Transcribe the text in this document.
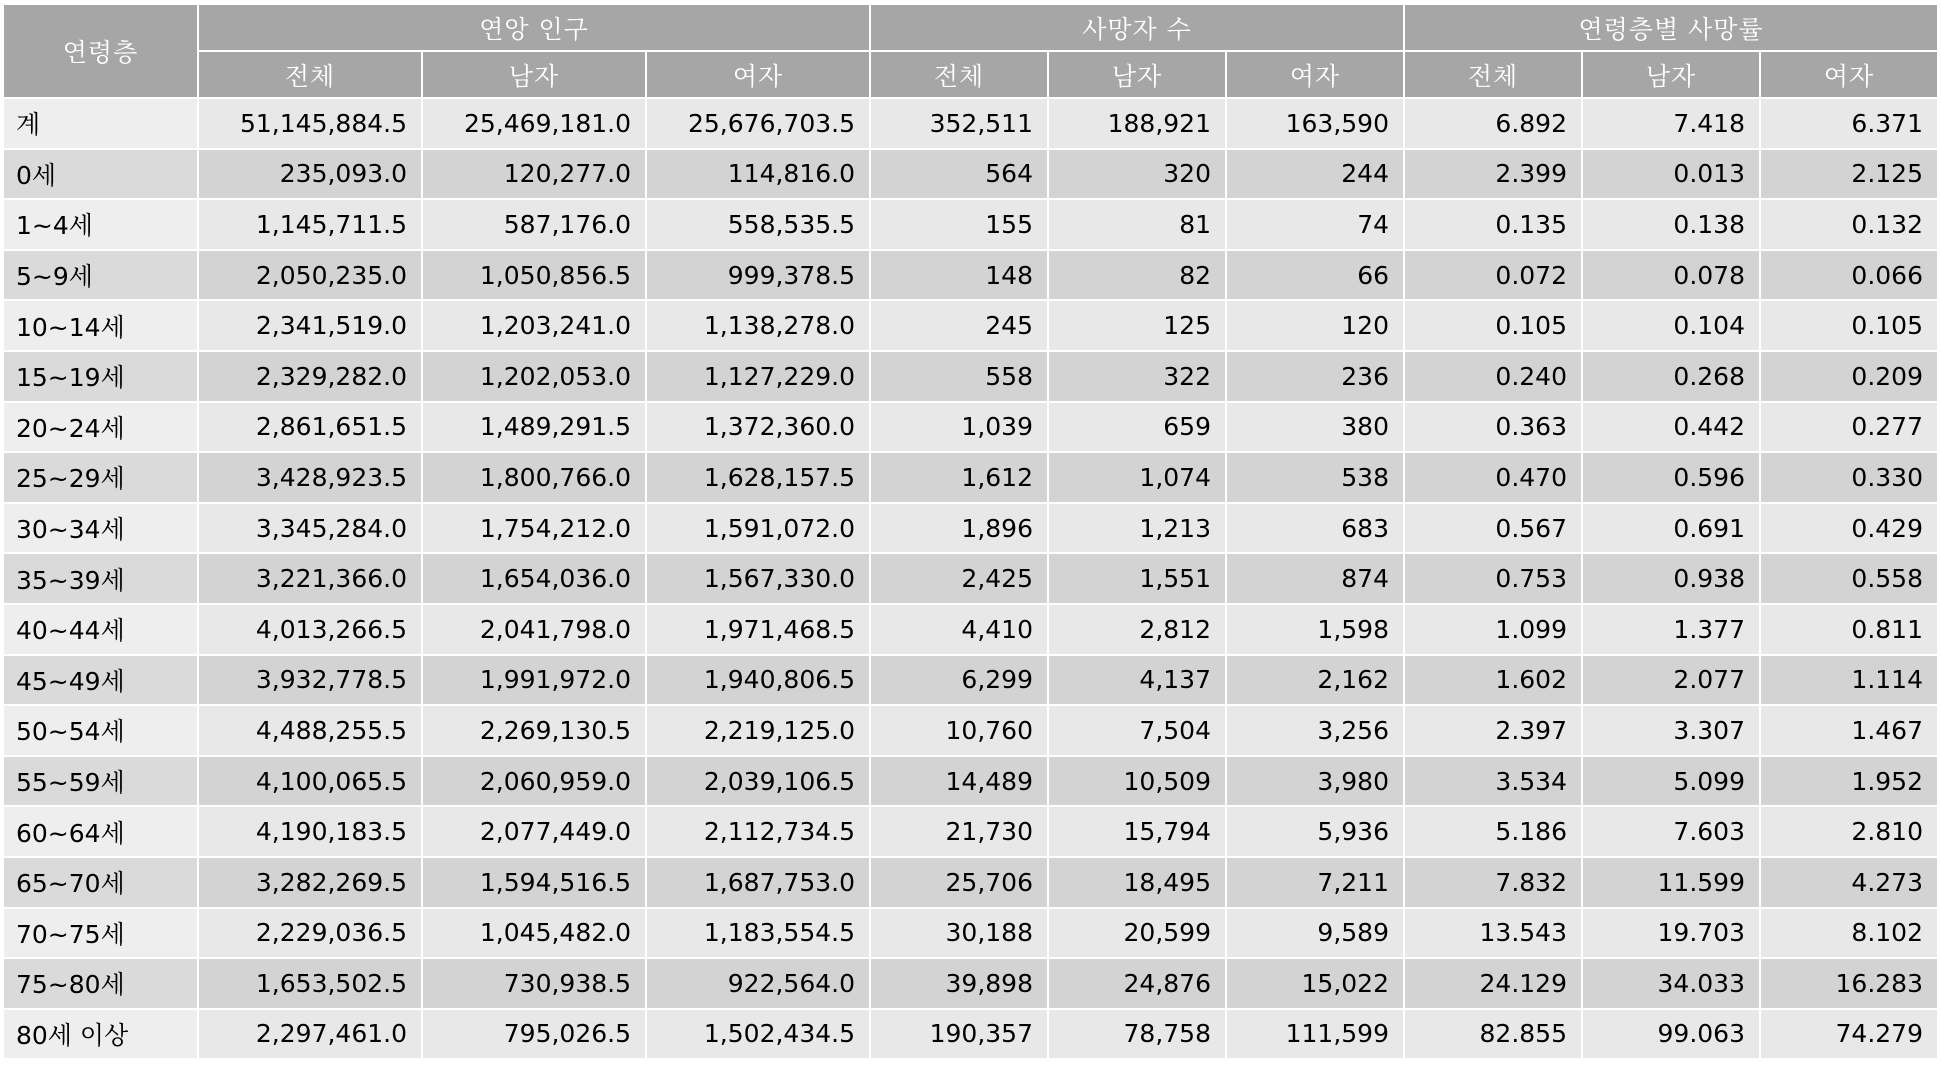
연령층	연앙 인구			사망자 수			연령층별 사망률		
	전체	남자	여자	전체	남자	여자	전체	남자	여자
계	51,145,884.5	25,469,181.0	25,676,703.5	352,511	188,921	163,590	6.892	7.418	6.371
0세	235,093.0	120,277.0	114,816.0	564	320	244	2.399	0.013	2.125
1~4세	1,145,711.5	587,176.0	558,535.5	155	81	74	0.135	0.138	0.132
5~9세	2,050,235.0	1,050,856.5	999,378.5	148	82	66	0.072	0.078	0.066
10~14세	2,341,519.0	1,203,241.0	1,138,278.0	245	125	120	0.105	0.104	0.105
15~19세	2,329,282.0	1,202,053.0	1,127,229.0	558	322	236	0.240	0.268	0.209
20~24세	2,861,651.5	1,489,291.5	1,372,360.0	1,039	659	380	0.363	0.442	0.277
25~29세	3,428,923.5	1,800,766.0	1,628,157.5	1,612	1,074	538	0.470	0.596	0.330
30~34세	3,345,284.0	1,754,212.0	1,591,072.0	1,896	1,213	683	0.567	0.691	0.429
35~39세	3,221,366.0	1,654,036.0	1,567,330.0	2,425	1,551	874	0.753	0.938	0.558
40~44세	4,013,266.5	2,041,798.0	1,971,468.5	4,410	2,812	1,598	1.099	1.377	0.811
45~49세	3,932,778.5	1,991,972.0	1,940,806.5	6,299	4,137	2,162	1.602	2.077	1.114
50~54세	4,488,255.5	2,269,130.5	2,219,125.0	10,760	7,504	3,256	2.397	3.307	1.467
55~59세	4,100,065.5	2,060,959.0	2,039,106.5	14,489	10,509	3,980	3.534	5.099	1.952
60~64세	4,190,183.5	2,077,449.0	2,112,734.5	21,730	15,794	5,936	5.186	7.603	2.810
65~70세	3,282,269.5	1,594,516.5	1,687,753.0	25,706	18,495	7,211	7.832	11.599	4.273
70~75세	2,229,036.5	1,045,482.0	1,183,554.5	30,188	20,599	9,589	13.543	19.703	8.102
75~80세	1,653,502.5	730,938.5	922,564.0	39,898	24,876	15,022	24.129	34.033	16.283
80세 이상	2,297,461.0	795,026.5	1,502,434.5	190,357	78,758	111,599	82.855	99.063	74.279
